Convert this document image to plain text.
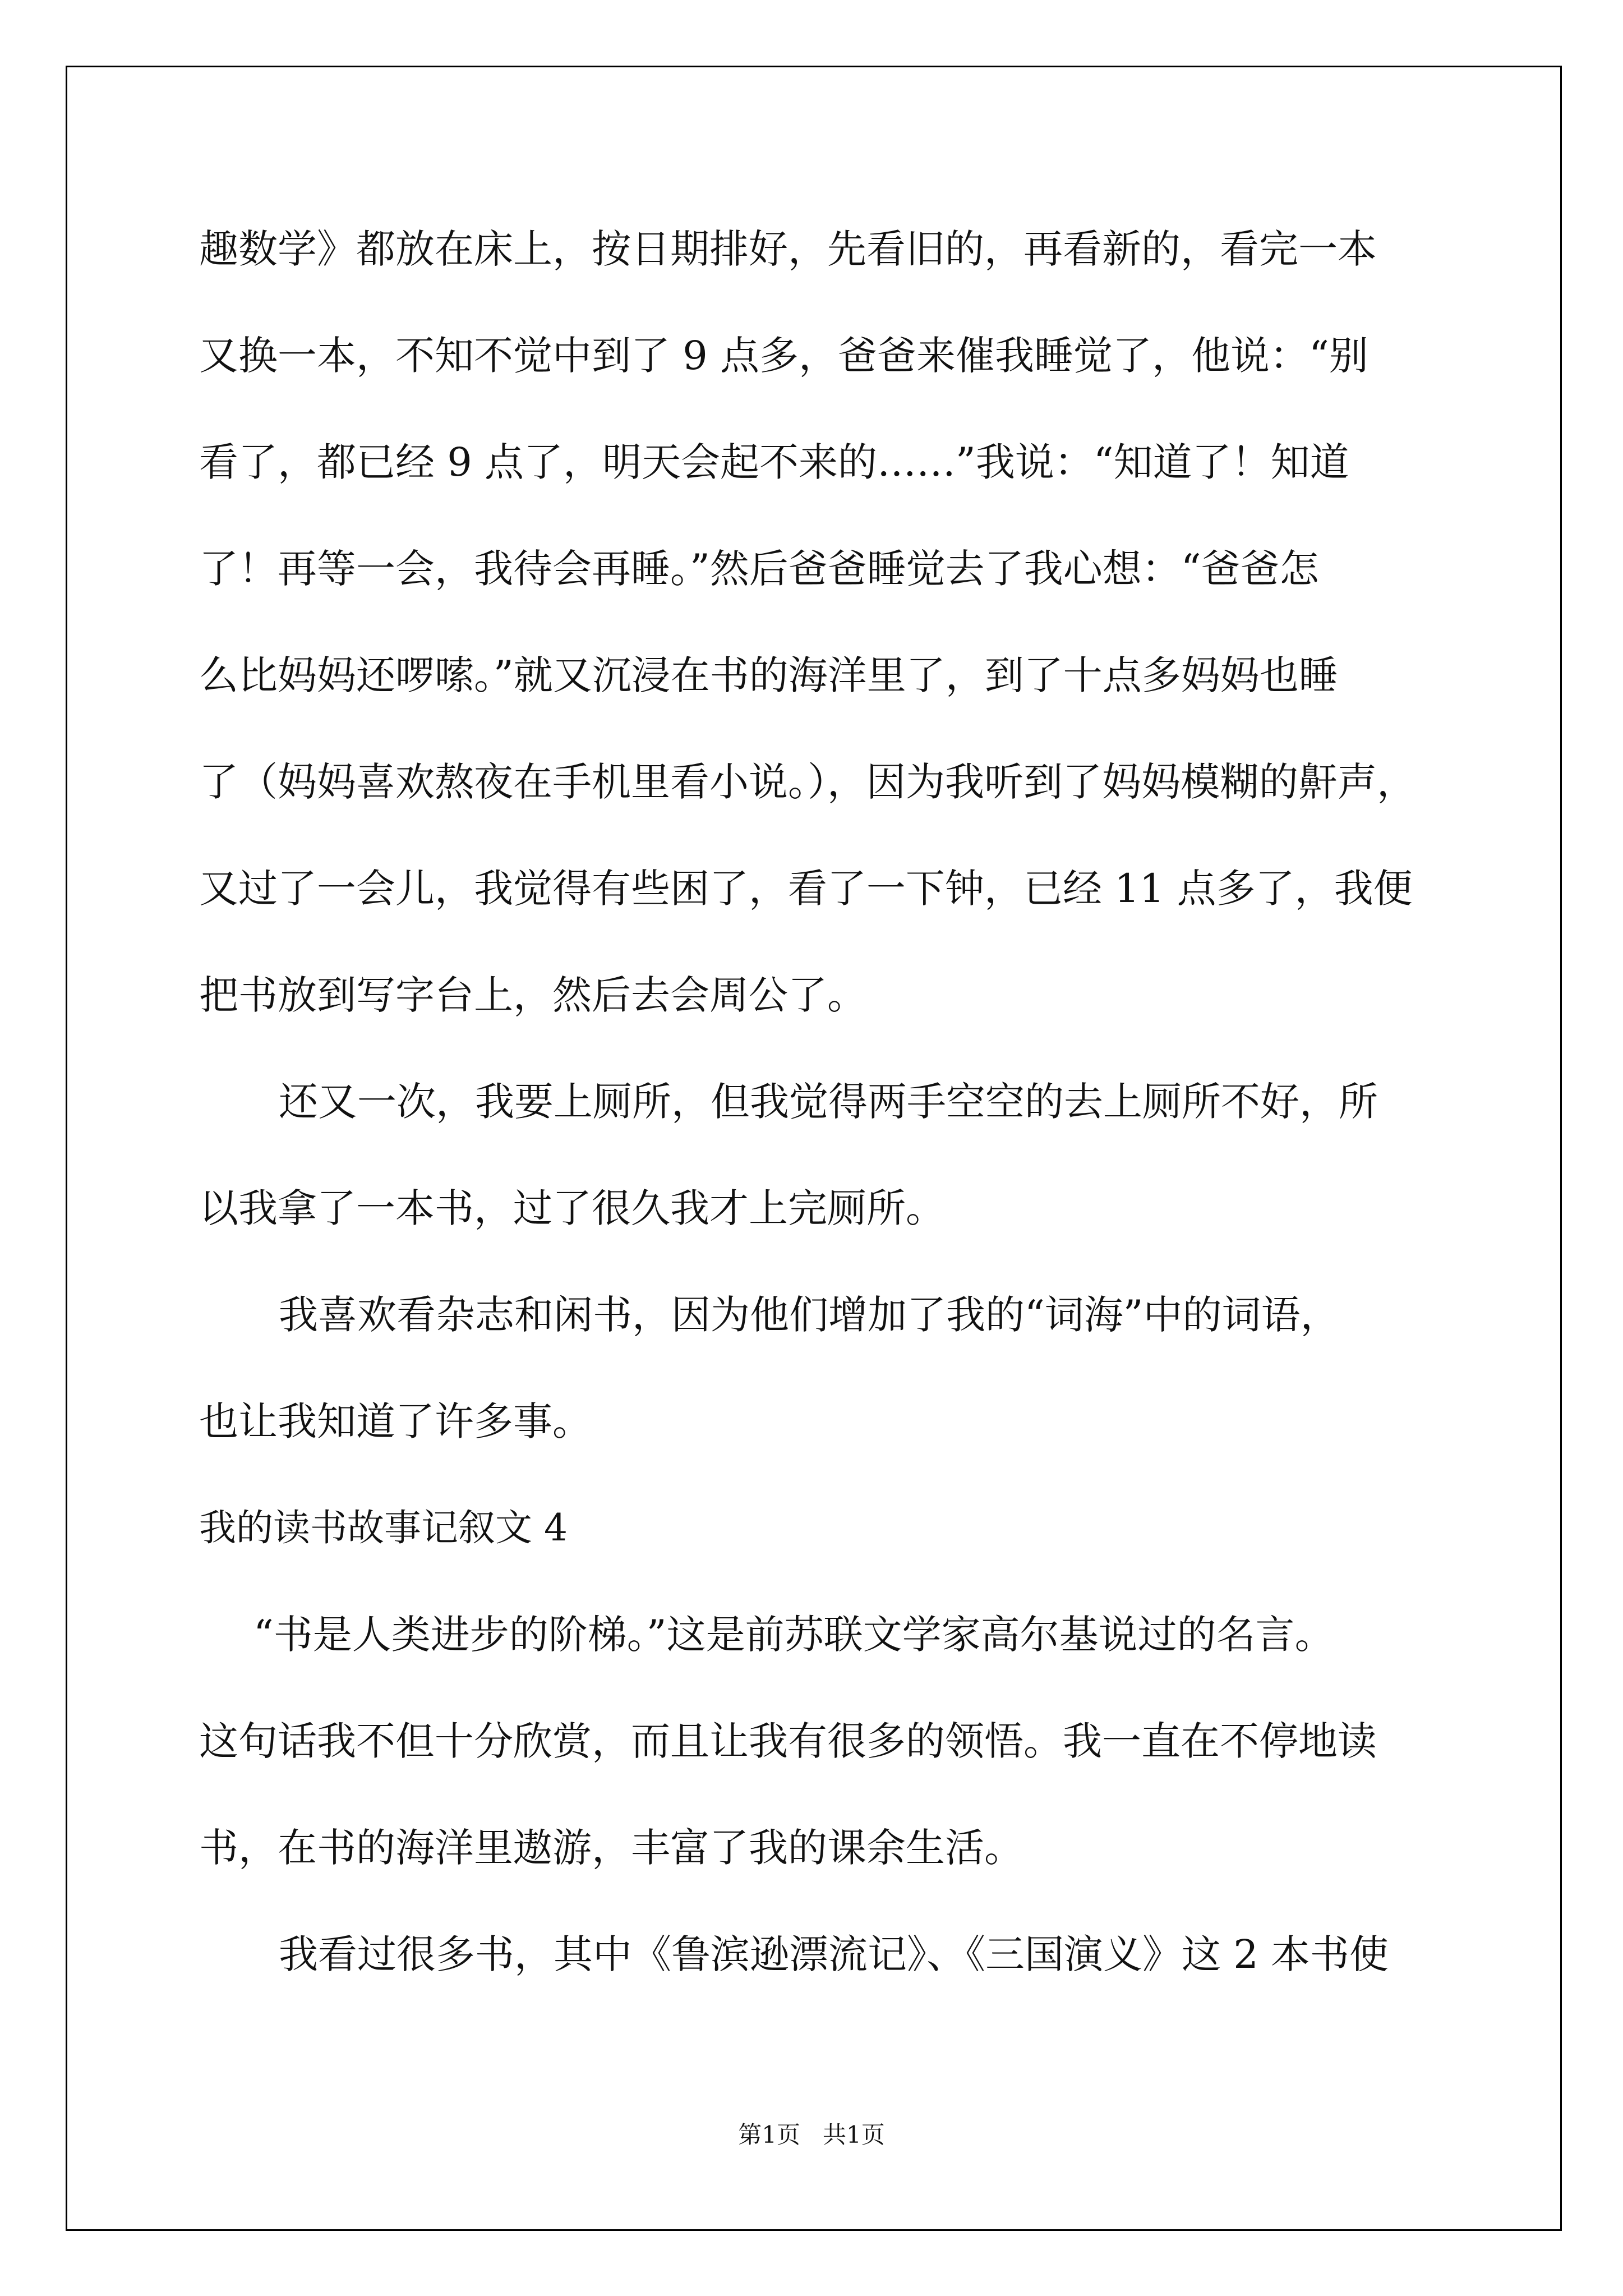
趣数学》都放在床上，按日期排好，先看旧的，再看新的，看完一本

又换一本，不知不觉中到了 9 点多，爸爸来催我睡觉了，他说：“别

看了，都已经 9 点了，明天会起不来的……”我说：“知道了！知道

了！再等一会，我待会再睡。”然后爸爸睡觉去了我心想：“爸爸怎

么比妈妈还啰嗦。”就又沉浸在书的海洋里了，到了十点多妈妈也睡

了（妈妈喜欢熬夜在手机里看小说。），因为我听到了妈妈模糊的鼾声，

又过了一会儿，我觉得有些困了，看了一下钟，已经 11 点多了，我便

把书放到写字台上，然后去会周公了。

还又一次，我要上厕所，但我觉得两手空空的去上厕所不好，所

以我拿了一本书，过了很久我才上完厕所。

我喜欢看杂志和闲书，因为他们增加了我的“词海”中的词语，

也让我知道了许多事。

我的读书故事记叙文 4

“书是人类进步的阶梯。”这是前苏联文学家高尔基说过的名言。

这句话我不但十分欣赏，而且让我有很多的领悟。我一直在不停地读

书，在书的海洋里遨游，丰富了我的课余生活。

我看过很多书，其中《鲁滨逊漂流记》、《三国演义》这 2 本书使

第1页   共1页
